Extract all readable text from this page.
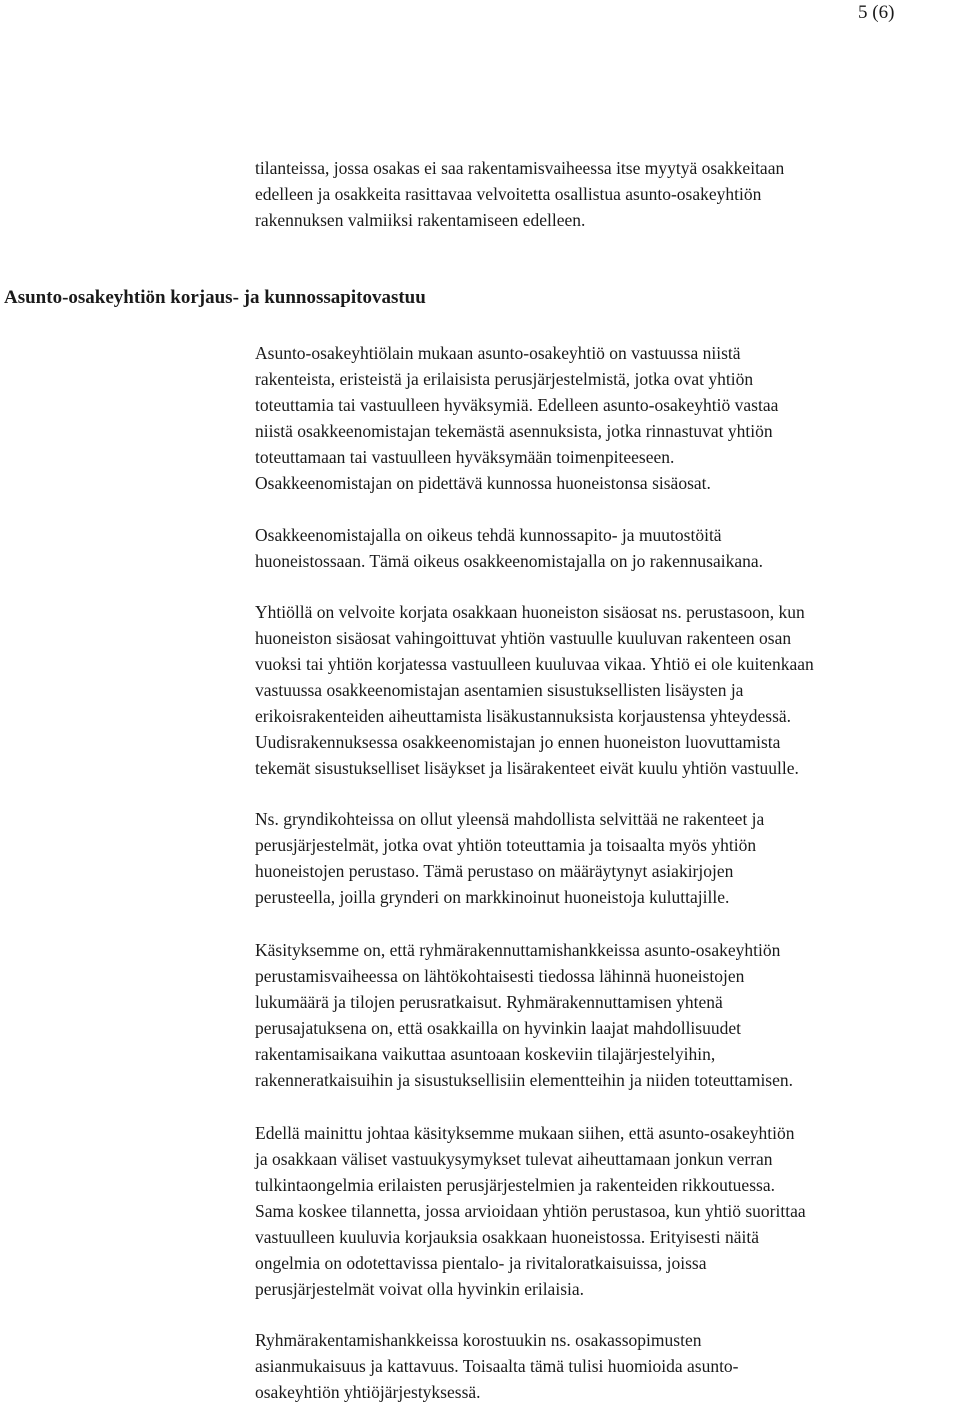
5 (6)
tilanteissa, jossa osakas ei saa rakentamisvaiheessa itse myytyä osakkeitaan
edelleen ja osakkeita rasittavaa velvoitetta osallistua asunto-osakeyhtiön
rakennuksen valmiiksi rakentamiseen edelleen.
Asunto-osakeyhtiön korjaus- ja kunnossapitovastuu
Asunto-osakeyhtiölain mukaan asunto-osakeyhtiö on vastuussa niistä
rakenteista, eristeistä ja erilaisista perusjärjestelmistä, jotka ovat yhtiön
toteuttamia tai vastuulleen hyväksymiä. Edelleen asunto-osakeyhtiö vastaa
niistä osakkeenomistajan tekemästä asennuksista, jotka rinnastuvat yhtiön
toteuttamaan tai vastuulleen hyväksymään toimenpiteeseen.
Osakkeenomistajan on pidettävä kunnossa huoneistonsa sisäosat.
Osakkeenomistajalla on oikeus tehdä kunnossapito- ja muutostöitä
huoneistossaan. Tämä oikeus osakkeenomistajalla on jo rakennusaikana.
Yhtiöllä on velvoite korjata osakkaan huoneiston sisäosat ns. perustasoon, kun
huoneiston sisäosat vahingoittuvat yhtiön vastuulle kuuluvan rakenteen osan
vuoksi tai yhtiön korjatessa vastuulleen kuuluvaa vikaa. Yhtiö ei ole kuitenkaan
vastuussa osakkeenomistajan asentamien sisustuksellisten lisäysten ja
erikoisrakenteiden aiheuttamista lisäkustannuksista korjaustensa yhteydessä.
Uudisrakennuksessa osakkeenomistajan jo ennen huoneiston luovuttamista
tekemät sisustukselliset lisäykset ja lisärakenteet eivät kuulu yhtiön vastuulle.
Ns. gryndikohteissa on ollut yleensä mahdollista selvittää ne rakenteet ja
perusjärjestelmät, jotka ovat yhtiön toteuttamia ja toisaalta myös yhtiön
huoneistojen perustaso. Tämä perustaso on määräytynyt asiakirjojen
perusteella, joilla grynderi on markkinoinut huoneistoja kuluttajille.
Käsityksemme on, että ryhmärakennuttamishankkeissa asunto-osakeyhtiön
perustamisvaiheessa on lähtökohtaisesti tiedossa lähinnä huoneistojen
lukumäärä ja tilojen perusratkaisut. Ryhmärakennuttamisen yhtenä
perusajatuksena on, että osakkailla on hyvinkin laajat mahdollisuudet
rakentamisaikana vaikuttaa asuntoaan koskeviin tilajärjestelyihin,
rakenneratkaisuihin ja sisustuksellisiin elementteihin ja niiden toteuttamisen.
Edellä mainittu johtaa käsityksemme mukaan siihen, että asunto-osakeyhtiön
ja osakkaan väliset vastuukysymykset tulevat aiheuttamaan jonkun verran
tulkintaongelmia erilaisten perusjärjestelmien ja rakenteiden rikkoutuessa.
Sama koskee tilannetta, jossa arvioidaan yhtiön perustasoa, kun yhtiö suorittaa
vastuulleen kuuluvia korjauksia osakkaan huoneistossa. Erityisesti näitä
ongelmia on odotettavissa pientalo- ja rivitaloratkaisuissa, joissa
perusjärjestelmät voivat olla hyvinkin erilaisia.
Ryhmärakentamishankkeissa korostuukin ns. osakassopimusten
asianmukaisuus ja kattavuus. Toisaalta tämä tulisi huomioida asunto-
osakeyhtiön yhtiöjärjestyksessä.
